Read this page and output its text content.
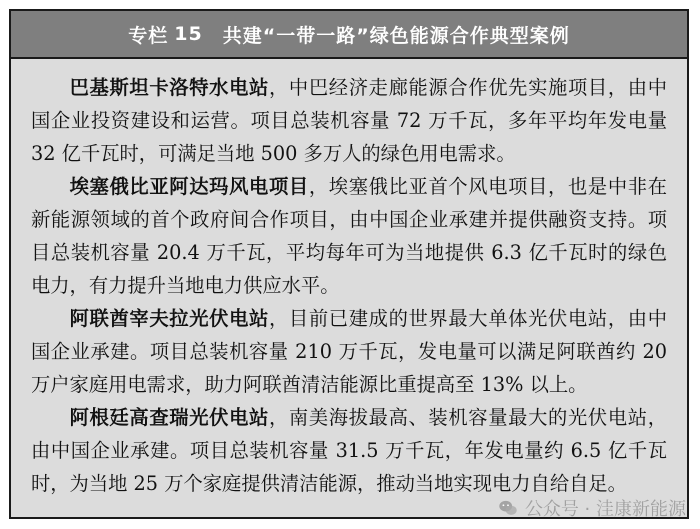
专栏 15 共建“一带一路”绿色能源合作典型案例

巴基斯坦卡洛特水电站，中巴经济走廊能源合作优先实施项目，由中国企业投资建设和运营。项目总装机容量 72 万千瓦，多年平均年发电量 32 亿千瓦时，可满足当地 500 多万人的绿色用电需求。

埃塞俄比亚阿达玛风电项目，埃塞俄比亚首个风电项目，也是中非在新能源领域的首个政府间合作项目，由中国企业承建并提供融资支持。项目总装机容量 20.4 万千瓦，平均每年可为当地提供 6.3 亿千瓦时的绿色电力，有力提升当地电力供应水平。

阿联酋宰夫拉光伏电站，目前已建成的世界最大单体光伏电站，由中国企业承建。项目总装机容量 210 万千瓦，发电量可以满足阿联酋约 20 万户家庭用电需求，助力阿联酋清洁能源比重提高至 13% 以上。

阿根廷高查瑞光伏电站，南美海拔最高、装机容量最大的光伏电站，由中国企业承建。项目总装机容量 31.5 万千瓦，年发电量约 6.5 亿千瓦时，为当地 25 万个家庭提供清洁能源，推动当地实现电力自给自足。

公众号 · 洼康新能源
